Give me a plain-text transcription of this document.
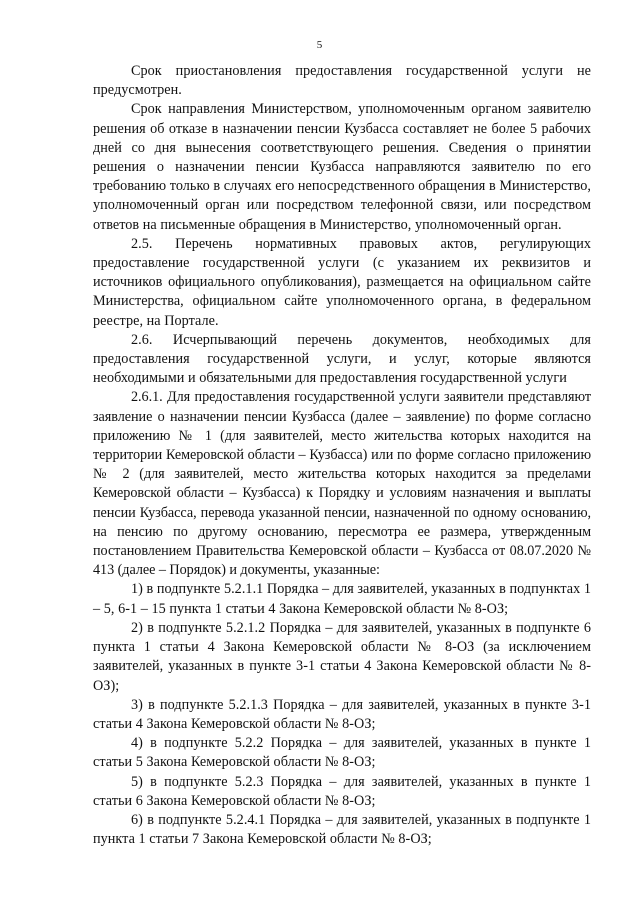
5

Срок приостановления предоставления государственной услуги не предусмотрен.

Срок направления Министерством, уполномоченным органом заявителю решения об отказе в назначении пенсии Кузбасса составляет не более 5 рабочих дней со дня вынесения соответствующего решения. Сведения о принятии решения о назначении пенсии Кузбасса направляются заявителю по его требованию только в случаях его непосредственного обращения в Министерство, уполномоченный орган или посредством телефонной связи, или посредством ответов на письменные обращения в Министерство, уполномоченный орган.

2.5. Перечень нормативных правовых актов, регулирующих предоставление государственной услуги (с указанием их реквизитов и источников официального опубликования), размещается на официальном сайте Министерства, официальном сайте уполномоченного органа, в федеральном реестре, на Портале.

2.6. Исчерпывающий перечень документов, необходимых для предоставления государственной услуги, и услуг, которые являются необходимыми и обязательными для предоставления государственной услуги

2.6.1. Для предоставления государственной услуги заявители представляют заявление о назначении пенсии Кузбасса (далее – заявление) по форме согласно приложению № 1 (для заявителей, место жительства которых находится на территории Кемеровской области – Кузбасса) или по форме согласно приложению № 2 (для заявителей, место жительства которых находится за пределами Кемеровской области – Кузбасса) к Порядку и условиям назначения и выплаты пенсии Кузбасса, перевода указанной пенсии, назначенной по одному основанию, на пенсию по другому основанию, пересмотра ее размера, утвержденным постановлением Правительства Кемеровской области – Кузбасса от 08.07.2020 № 413 (далее – Порядок) и документы, указанные:

1) в подпункте 5.2.1.1 Порядка – для заявителей, указанных в подпунктах 1 – 5, 6-1 – 15 пункта 1 статьи 4 Закона Кемеровской области № 8-ОЗ;

2) в подпункте 5.2.1.2 Порядка – для заявителей, указанных в подпункте 6 пункта 1 статьи 4 Закона Кемеровской области № 8-ОЗ (за исключением заявителей, указанных в пункте 3-1 статьи 4 Закона Кемеровской области № 8-ОЗ);

3) в подпункте 5.2.1.3 Порядка – для заявителей, указанных в пункте 3-1 статьи 4 Закона Кемеровской области № 8-ОЗ;

4) в подпункте 5.2.2 Порядка – для заявителей, указанных в пункте 1 статьи 5 Закона Кемеровской области № 8-ОЗ;

5) в подпункте 5.2.3 Порядка – для заявителей, указанных в пункте 1 статьи 6 Закона Кемеровской области № 8-ОЗ;

6) в подпункте 5.2.4.1 Порядка – для заявителей, указанных в подпункте 1 пункта 1 статьи 7 Закона Кемеровской области № 8-ОЗ;
